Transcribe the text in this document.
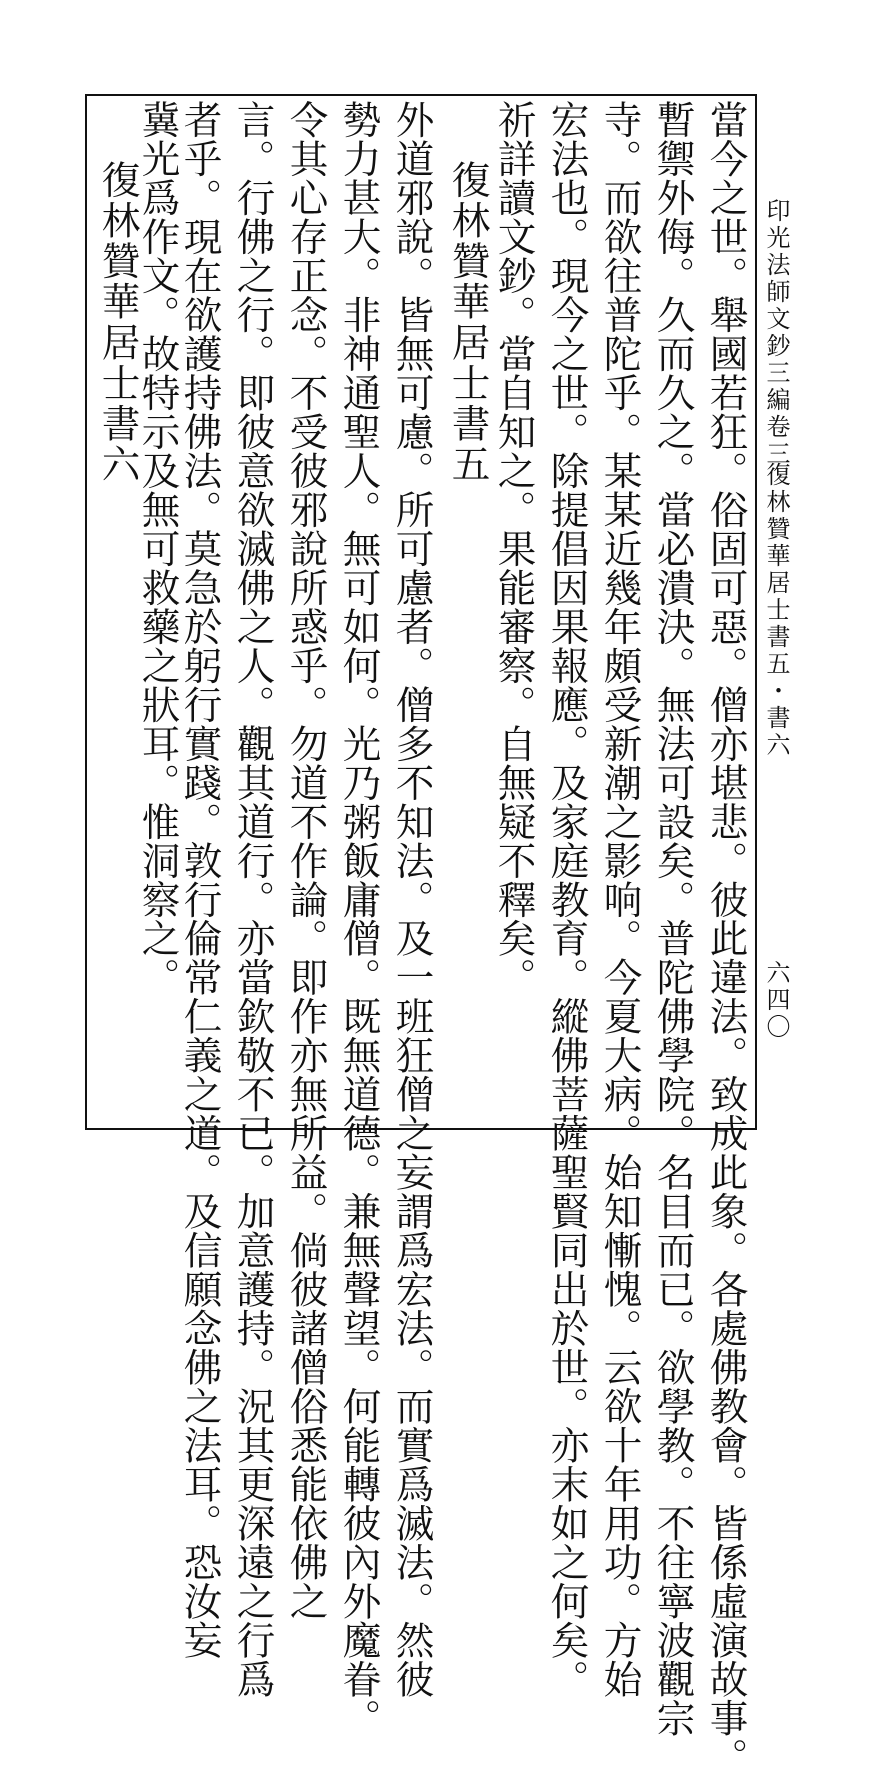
印光法師文鈔三編卷三
復林贊華居士書五・書六
六四〇
當今之世。舉國若狂。俗固可惡。僧亦堪悲。彼此違法。致成此象。各處佛教會。皆係虛演故事。
暫禦外侮。久而久之。當必潰決。無法可設矣。普陀佛學院。名目而已。欲學教。不往寧波觀宗
寺。而欲往普陀乎。某某近幾年頗受新潮之影响。今夏大病。始知慚愧。云欲十年用功。方始
宏法也。現今之世。除提倡因果報應。及家庭教育。縱佛菩薩聖賢同出於世。亦末如之何矣。
祈詳讀文鈔。當自知之。果能審察。自無疑不釋矣。
復林贊華居士書五
外道邪說。皆無可慮。所可慮者。僧多不知法。及一班狂僧之妄謂爲宏法。而實爲滅法。然彼
勢力甚大。非神通聖人。無可如何。光乃粥飯庸僧。既無道德。兼無聲望。何能轉彼內外魔眷。
令其心存正念。不受彼邪說所惑乎。勿道不作論。即作亦無所益。倘彼諸僧俗悉能依佛之
言。行佛之行。即彼意欲滅佛之人。觀其道行。亦當欽敬不已。加意護持。況其更深遠之行爲
者乎。現在欲護持佛法。莫急於躬行實踐。敦行倫常仁義之道。及信願念佛之法耳。恐汝妄
冀光爲作文。故特示及無可救藥之狀耳。惟洞察之。
復林贊華居士書六
